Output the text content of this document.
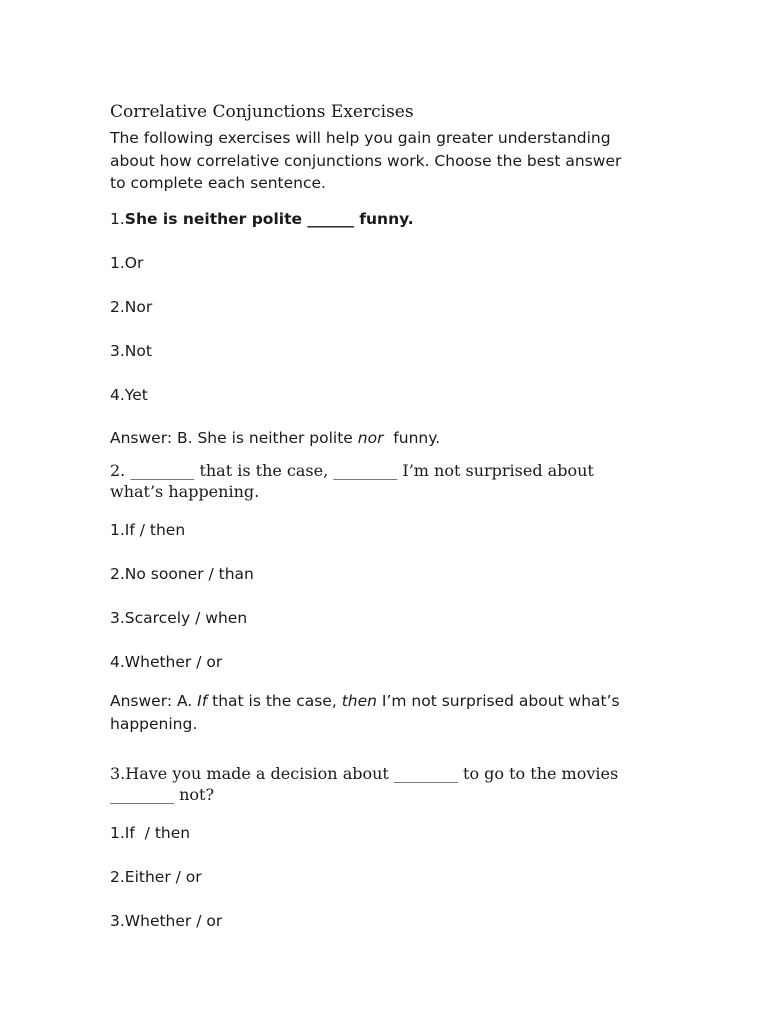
Correlative Conjunctions Exercises
The following exercises will help you gain greater understanding
about how correlative conjunctions work. Choose the best answer
to complete each sentence.
1.She is neither polite ______ funny.
1.Or
2.Nor
3.Not
4.Yet
Answer: B. She is neither polite nor  funny.
2. ________ that is the case, ________ I’m not surprised about
what’s happening.
1.If / then
2.No sooner / than
3.Scarcely / when
4.Whether / or
Answer: A. If that is the case, then I’m not surprised about what’s
happening.
3.Have you made a decision about ________ to go to the movies
________ not?
1.If  / then
2.Either / or
3.Whether / or
